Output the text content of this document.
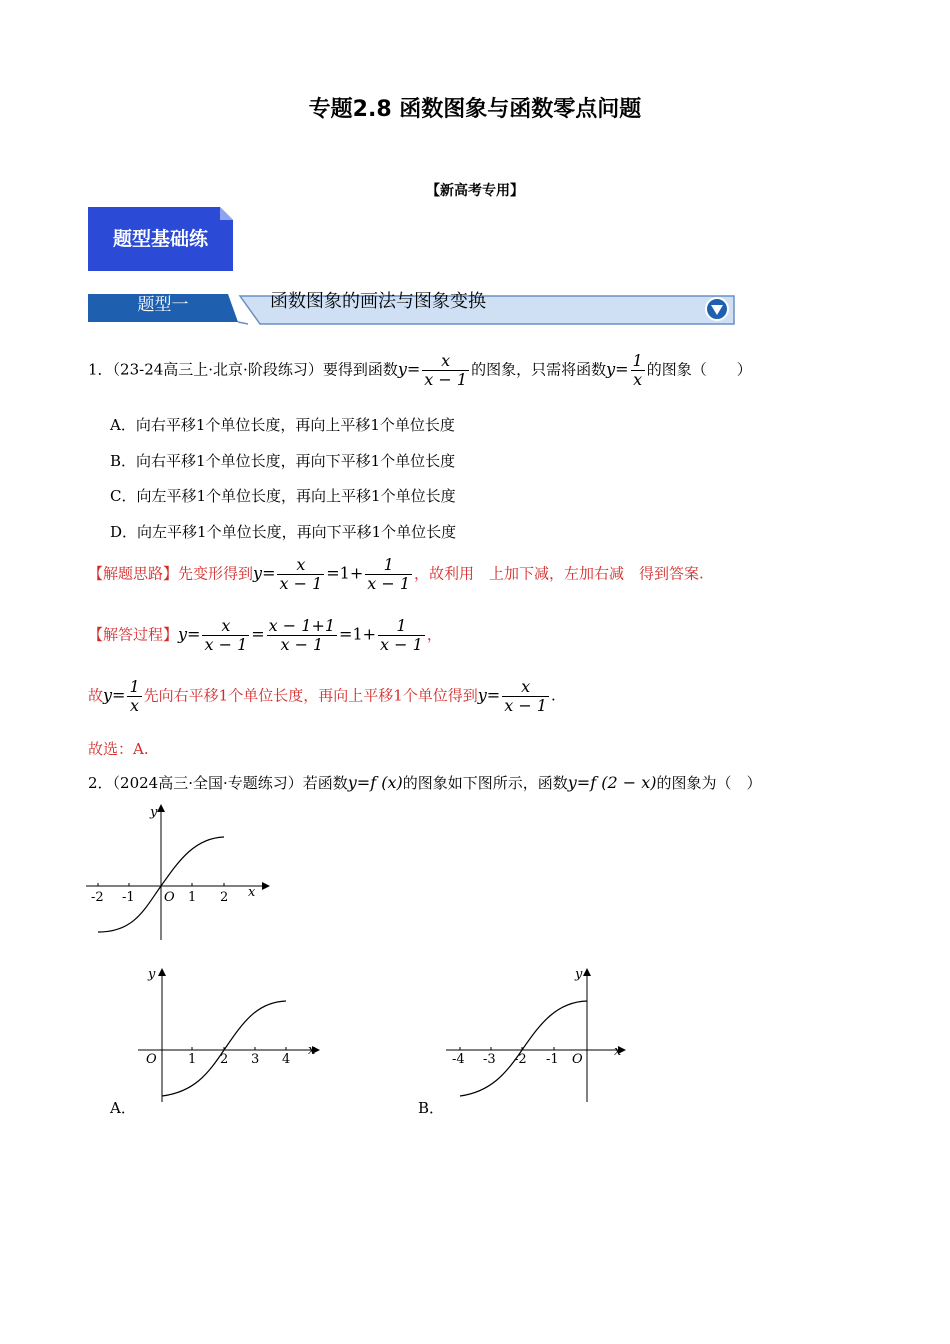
专题2.8 函数图象与函数零点问题
【新高考专用】
题型基础练
题型一	函数图象的画法与图象变换
1．（23-24高三上·北京·阶段练习）要得到函数$y= \frac{x}{x - 1}$ 的图象，只需将函数$y= \frac{1}{x}$ 的图象（　　）
A．向右平移1个单位长度，再向上平移1个单位长度
B．向右平移1个单位长度，再向下平移1个单位长度
C．向左平移1个单位长度，再向上平移1个单位长度
D．向左平移1个单位长度，再向下平移1个单位长度
【解题思路】先变形得到$y= \frac{x}{x - 1} =1+ \frac{1}{x - 1}$ ，故利用　上加下减，左加右减　得到答案.
【解答过程】$y= \frac{x}{x - 1} = \frac{x - 1+1}{x - 1} =1+ \frac{1}{x - 1}$ ，
故$y= \frac{1}{x}$ 先向右平移1个单位长度，再向上平移1个单位得到$y= \frac{x}{x - 1}$ .
故选：A.
2．（2024高三·全国·专题练习）若函数y=f (x)的图象如下图所示，函数y=f (2 − x)的图象为（　）
-2 -1 O 1 2 x
y
O 1 2 3 4
x
y
A．
-4 -3 -2 -1 O
x
y
B．
